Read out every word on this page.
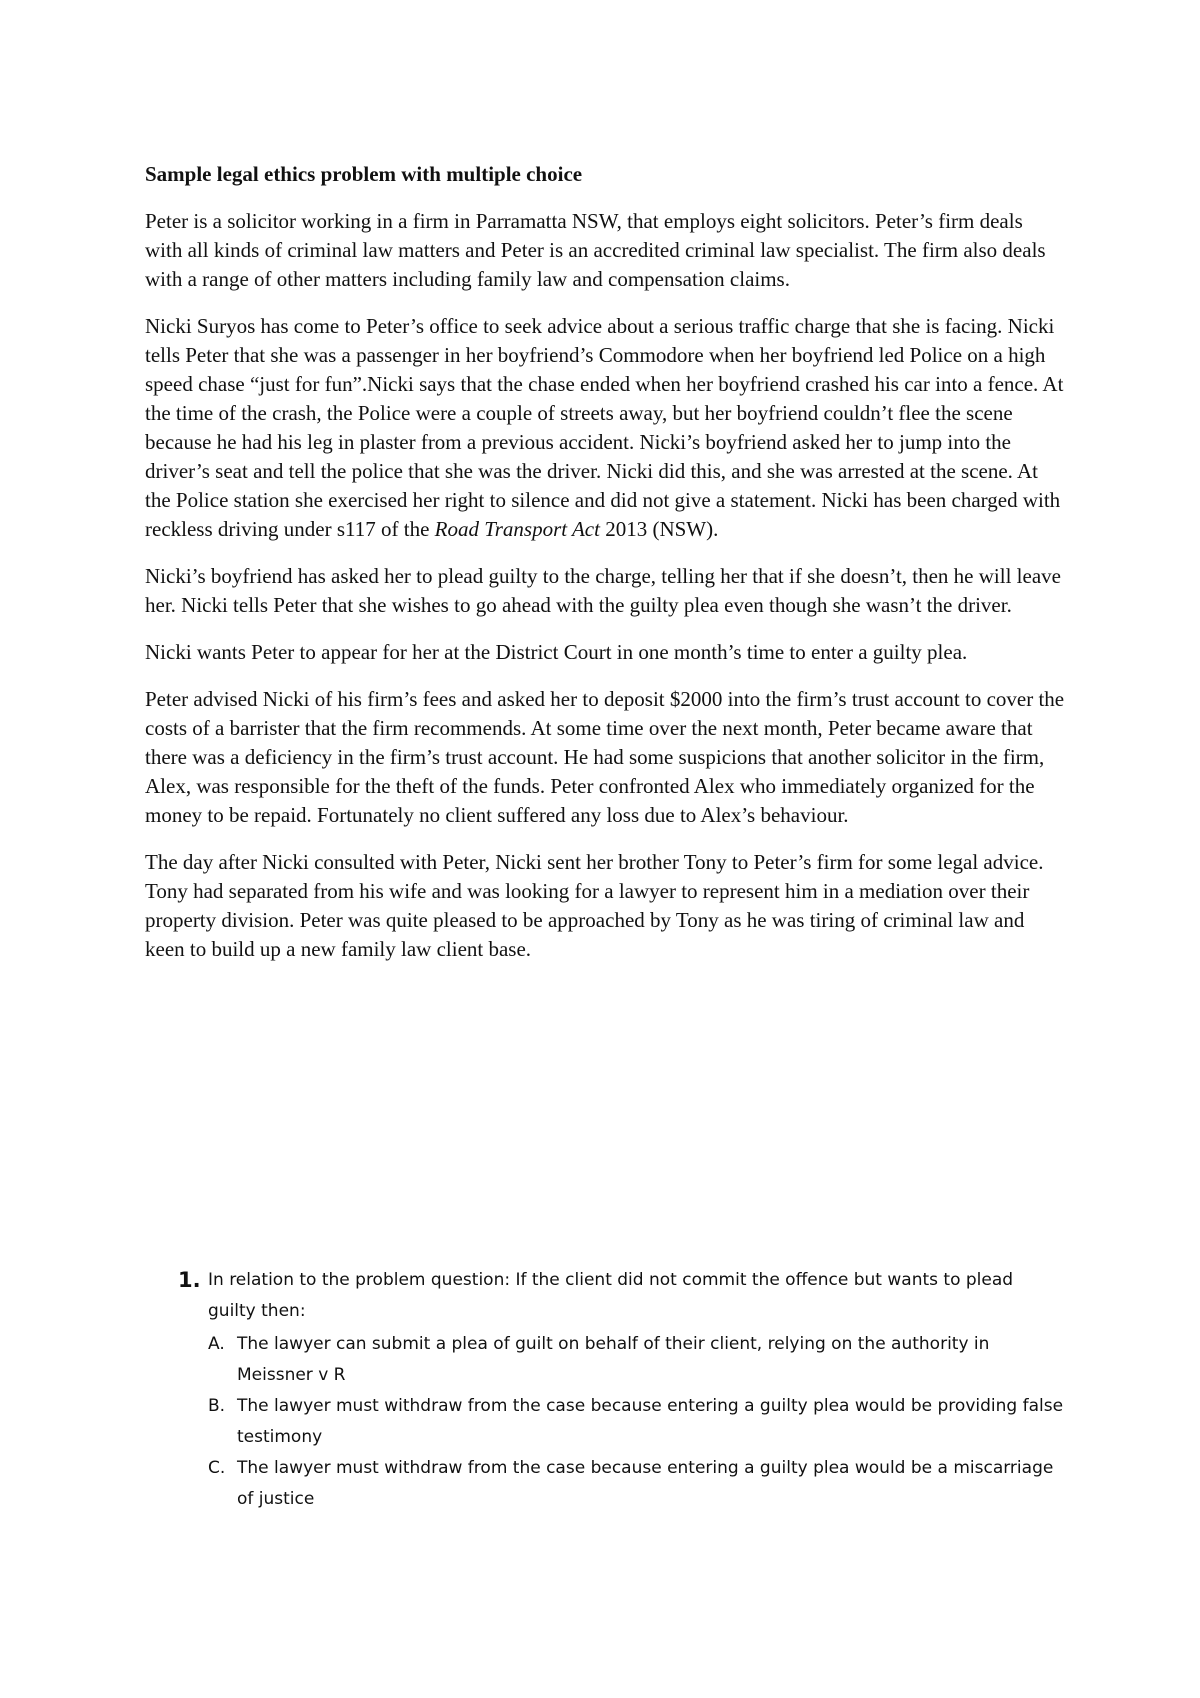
Sample legal ethics problem with multiple choice

Peter is a solicitor working in a firm in Parramatta NSW, that employs eight solicitors. Peter’s firm deals with all kinds of criminal law matters and Peter is an accredited criminal law specialist. The firm also deals with a range of other matters including family law and compensation claims.

Nicki Suryos has come to Peter’s office to seek advice about a serious traffic charge that she is facing. Nicki tells Peter that she was a passenger in her boyfriend’s Commodore when her boyfriend led Police on a high speed chase “just for fun”.Nicki says that the chase ended when her boyfriend crashed his car into a fence. At the time of the crash, the Police were a couple of streets away, but her boyfriend couldn’t flee the scene because he had his leg in plaster from a previous accident. Nicki’s boyfriend asked her to jump into the driver’s seat and tell the police that she was the driver. Nicki did this, and she was arrested at the scene. At the Police station she exercised her right to silence and did not give a statement. Nicki has been charged with reckless driving under s117 of the Road Transport Act 2013 (NSW).

Nicki’s boyfriend has asked her to plead guilty to the charge, telling her that if she doesn’t, then he will leave her. Nicki tells Peter that she wishes to go ahead with the guilty plea even though she wasn’t the driver.

Nicki wants Peter to appear for her at the District Court in one month’s time to enter a guilty plea.

Peter advised Nicki of his firm’s fees and asked her to deposit $2000 into the firm’s trust account to cover the costs of a barrister that the firm recommends. At some time over the next month, Peter became aware that there was a deficiency in the firm’s trust account. He had some suspicions that another solicitor in the firm, Alex, was responsible for the theft of the funds. Peter confronted Alex who immediately organized for the money to be repaid. Fortunately no client suffered any loss due to Alex’s behaviour.

The day after Nicki consulted with Peter, Nicki sent her brother Tony to Peter’s firm for some legal advice. Tony had separated from his wife and was looking for a lawyer to represent him in a mediation over their property division. Peter was quite pleased to be approached by Tony as he was tiring of criminal law and keen to build up a new family law client base.

1. In relation to the problem question: If the client did not commit the offence but wants to plead guilty then:
A. The lawyer can submit a plea of guilt on behalf of their client, relying on the authority in Meissner v R
B. The lawyer must withdraw from the case because entering a guilty plea would be providing false testimony
C. The lawyer must withdraw from the case because entering a guilty plea would be a miscarriage of justice
